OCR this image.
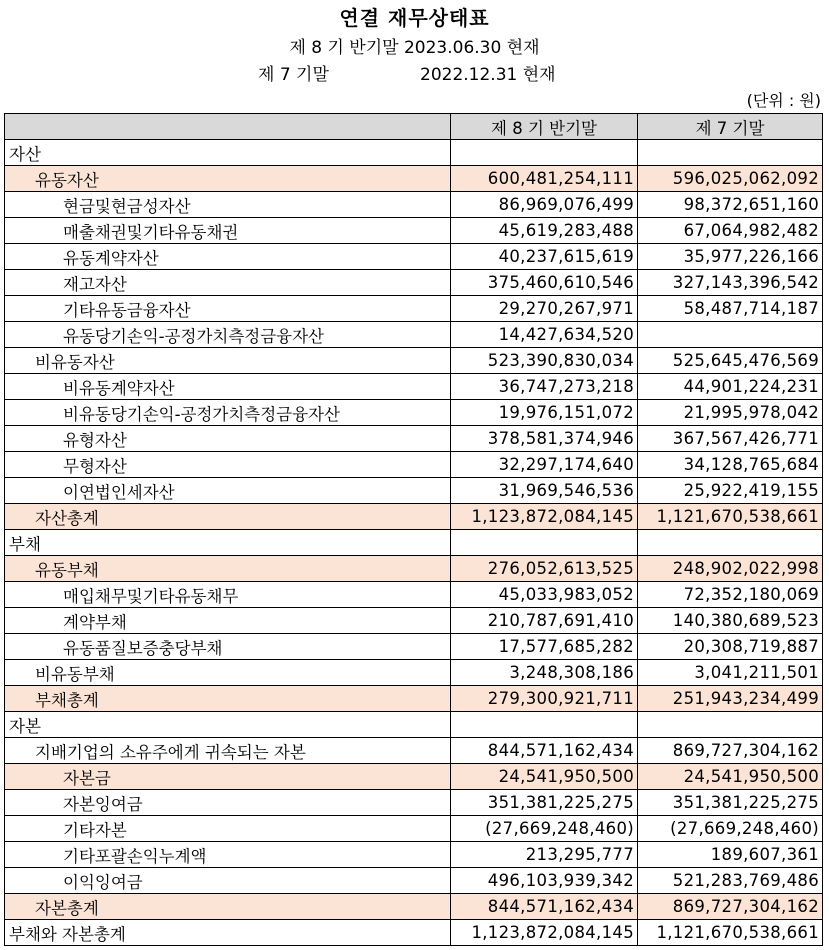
연결 재무상태표
제 8 기 반기말 2023.06.30 현재
제 7 기말	2022.12.31 현재
(단위 : 원)
	제 8 기 반기말	제 7 기말
자산		
유동자산	600,481,254,111	596,025,062,092
현금및현금성자산	86,969,076,499	98,372,651,160
매출채권및기타유동채권	45,619,283,488	67,064,982,482
유동계약자산	40,237,615,619	35,977,226,166
재고자산	375,460,610,546	327,143,396,542
기타유동금융자산	29,270,267,971	58,487,714,187
유동당기손익-공정가치측정금융자산	14,427,634,520	
비유동자산	523,390,830,034	525,645,476,569
비유동계약자산	36,747,273,218	44,901,224,231
비유동당기손익-공정가치측정금융자산	19,976,151,072	21,995,978,042
유형자산	378,581,374,946	367,567,426,771
무형자산	32,297,174,640	34,128,765,684
이연법인세자산	31,969,546,536	25,922,419,155
자산총계	1,123,872,084,145	1,121,670,538,661
부채		
유동부채	276,052,613,525	248,902,022,998
매입채무및기타유동채무	45,033,983,052	72,352,180,069
계약부채	210,787,691,410	140,380,689,523
유동품질보증충당부채	17,577,685,282	20,308,719,887
비유동부채	3,248,308,186	3,041,211,501
부채총계	279,300,921,711	251,943,234,499
자본		
지배기업의 소유주에게 귀속되는 자본	844,571,162,434	869,727,304,162
자본금	24,541,950,500	24,541,950,500
자본잉여금	351,381,225,275	351,381,225,275
기타자본	(27,669,248,460)	(27,669,248,460)
기타포괄손익누계액	213,295,777	189,607,361
이익잉여금	496,103,939,342	521,283,769,486
자본총계	844,571,162,434	869,727,304,162
부채와 자본총계	1,123,872,084,145	1,121,670,538,661
